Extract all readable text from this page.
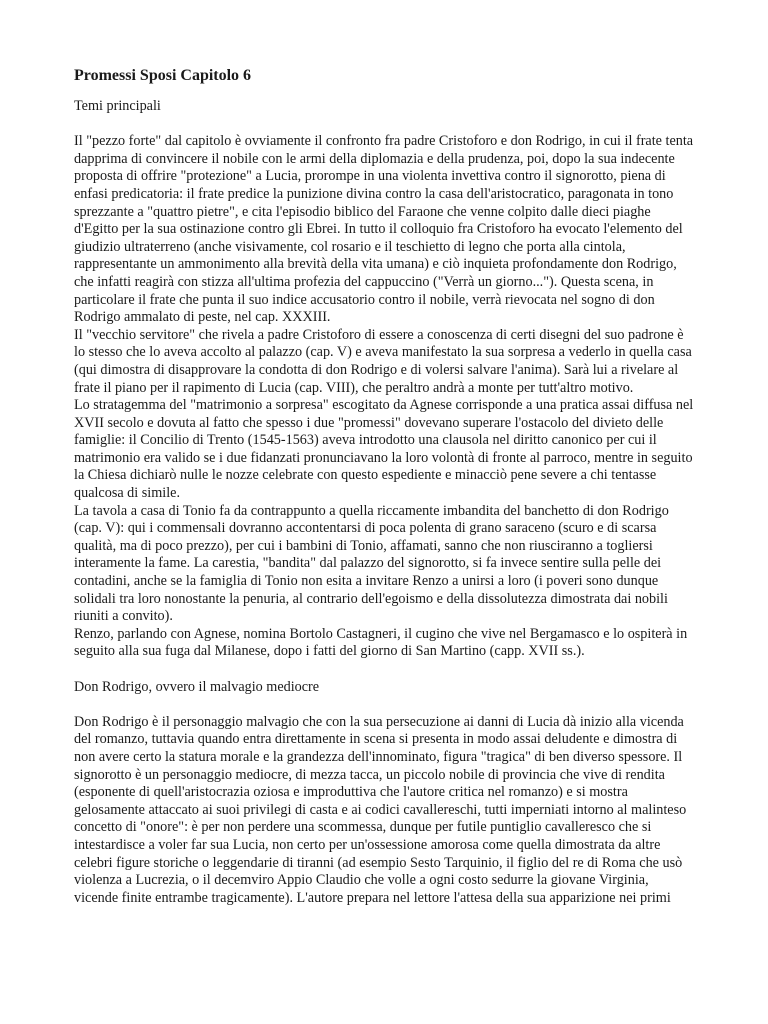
Promessi Sposi Capitolo 6

Temi principali

Il "pezzo forte" dal capitolo è ovviamente il confronto fra padre Cristoforo e don Rodrigo, in cui il frate tenta dapprima di convincere il nobile con le armi della diplomazia e della prudenza, poi, dopo la sua indecente proposta di offrire "protezione" a Lucia, prorompe in una violenta invettiva contro il signorotto, piena di enfasi predicatoria: il frate predice la punizione divina contro la casa dell'aristocratico, paragonata in tono sprezzante a "quattro pietre", e cita l'episodio biblico del Faraone che venne colpito dalle dieci piaghe d'Egitto per la sua ostinazione contro gli Ebrei. In tutto il colloquio fra Cristoforo ha evocato l'elemento del giudizio ultraterreno (anche visivamente, col rosario e il teschietto di legno che porta alla cintola, rappresentante un ammonimento alla brevità della vita umana) e ciò inquieta profondamente don Rodrigo, che infatti reagirà con stizza all'ultima profezia del cappuccino ("Verrà un giorno..."). Questa scena, in particolare il frate che punta il suo indice accusatorio contro il nobile, verrà rievocata nel sogno di don Rodrigo ammalato di peste, nel cap. XXXIII.

Il "vecchio servitore" che rivela a padre Cristoforo di essere a conoscenza di certi disegni del suo padrone è lo stesso che lo aveva accolto al palazzo (cap. V) e aveva manifestato la sua sorpresa a vederlo in quella casa (qui dimostra di disapprovare la condotta di don Rodrigo e di volersi salvare l'anima). Sarà lui a rivelare al frate il piano per il rapimento di Lucia (cap. VIII), che peraltro andrà a monte per tutt'altro motivo.

Lo stratagemma del "matrimonio a sorpresa" escogitato da Agnese corrisponde a una pratica assai diffusa nel XVII secolo e dovuta al fatto che spesso i due "promessi" dovevano superare l'ostacolo del divieto delle famiglie: il Concilio di Trento (1545-1563) aveva introdotto una clausola nel diritto canonico per cui il matrimonio era valido se i due fidanzati pronunciavano la loro volontà di fronte al parroco, mentre in seguito la Chiesa dichiarò nulle le nozze celebrate con questo espediente e minacciò pene severe a chi tentasse qualcosa di simile.

La tavola a casa di Tonio fa da contrappunto a quella riccamente imbandita del banchetto di don Rodrigo (cap. V): qui i commensali dovranno accontentarsi di poca polenta di grano saraceno (scuro e di scarsa qualità, ma di poco prezzo), per cui i bambini di Tonio, affamati, sanno che non riusciranno a togliersi interamente la fame. La carestia, "bandita" dal palazzo del signorotto, si fa invece sentire sulla pelle dei contadini, anche se la famiglia di Tonio non esita a invitare Renzo a unirsi a loro (i poveri sono dunque solidali tra loro nonostante la penuria, al contrario dell'egoismo e della dissolutezza dimostrata dai nobili riuniti a convito).

Renzo, parlando con Agnese, nomina Bortolo Castagneri, il cugino che vive nel Bergamasco e lo ospiterà in seguito alla sua fuga dal Milanese, dopo i fatti del giorno di San Martino (capp. XVII ss.).

Don Rodrigo, ovvero il malvagio mediocre

Don Rodrigo è il personaggio malvagio che con la sua persecuzione ai danni di Lucia dà inizio alla vicenda del romanzo, tuttavia quando entra direttamente in scena si presenta in modo assai deludente e dimostra di non avere certo la statura morale e la grandezza dell'innominato, figura "tragica" di ben diverso spessore. Il signorotto è un personaggio mediocre, di mezza tacca, un piccolo nobile di provincia che vive di rendita (esponente di quell'aristocrazia oziosa e improduttiva che l'autore critica nel romanzo) e si mostra gelosamente attaccato ai suoi privilegi di casta e ai codici cavallereschi, tutti imperniati intorno al malinteso concetto di "onore": è per non perdere una scommessa, dunque per futile puntiglio cavalleresco che si intestardisce a voler far sua Lucia, non certo per un'ossessione amorosa come quella dimostrata da altre celebri figure storiche o leggendarie di tiranni (ad esempio Sesto Tarquinio, il figlio del re di Roma che usò violenza a Lucrezia, o il decemviro Appio Claudio che volle a ogni costo sedurre la giovane Virginia, vicende finite entrambe tragicamente). L'autore prepara nel lettore l'attesa della sua apparizione nei primi
